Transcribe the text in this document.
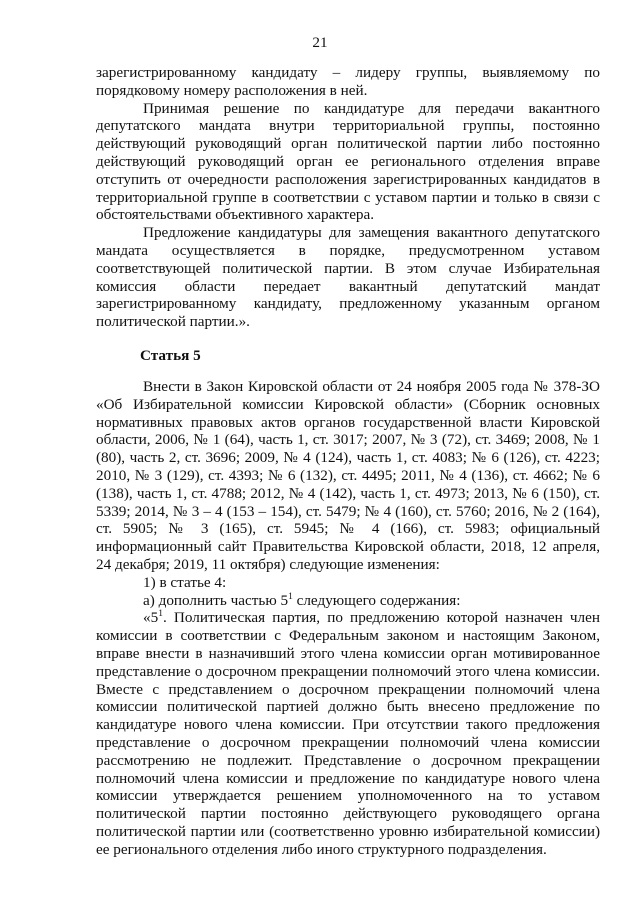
21

зарегистрированному кандидату – лидеру группы, выявляемому по порядковому номеру расположения в ней.

Принимая решение по кандидатуре для передачи вакантного депутатского мандата внутри территориальной группы, постоянно действующий руководящий орган политической партии либо постоянно действующий руководящий орган ее регионального отделения вправе отступить от очередности расположения зарегистрированных кандидатов в территориальной группе в соответствии с уставом партии и только в связи с обстоятельствами объективного характера.

Предложение кандидатуры для замещения вакантного депутатского мандата осуществляется в порядке, предусмотренном уставом соответствующей политической партии. В этом случае Избирательная комиссия области передает вакантный депутатский мандат зарегистрированному кандидату, предложенному указанным органом политической партии.».

Статья 5

Внести в Закон Кировской области от 24 ноября 2005 года № 378-ЗО «Об Избирательной комиссии Кировской области» (Сборник основных нормативных правовых актов органов государственной власти Кировской области, 2006, № 1 (64), часть 1, ст. 3017; 2007, № 3 (72), ст. 3469; 2008, № 1 (80), часть 2, ст. 3696; 2009, № 4 (124), часть 1, ст. 4083; № 6 (126), ст. 4223; 2010, № 3 (129), ст. 4393; № 6 (132), ст. 4495; 2011, № 4 (136), ст. 4662; № 6 (138), часть 1, ст. 4788; 2012, № 4 (142), часть 1, ст. 4973; 2013, № 6 (150), ст. 5339; 2014, № 3 – 4 (153 – 154), ст. 5479; № 4 (160), ст. 5760; 2016, № 2 (164), ст. 5905; № 3 (165), ст. 5945; № 4 (166), ст. 5983; официальный информационный сайт Правительства Кировской области, 2018, 12 апреля, 24 декабря; 2019, 11 октября) следующие изменения:

1) в статье 4:

а) дополнить частью $5^1$ следующего содержания:

«$5^1$. Политическая партия, по предложению которой назначен член комиссии в соответствии с Федеральным законом и настоящим Законом, вправе внести в назначивший этого члена комиссии орган мотивированное представление о досрочном прекращении полномочий этого члена комиссии. Вместе с представлением о досрочном прекращении полномочий члена комиссии политической партией должно быть внесено предложение по кандидатуре нового члена комиссии. При отсутствии такого предложения представление о досрочном прекращении полномочий члена комиссии рассмотрению не подлежит. Представление о досрочном прекращении полномочий члена комиссии и предложение по кандидатуре нового члена комиссии утверждается решением уполномоченного на то уставом политической партии постоянно действующего руководящего органа политической партии или (соответственно уровню избирательной комиссии) ее регионального отделения либо иного структурного подразделения.
